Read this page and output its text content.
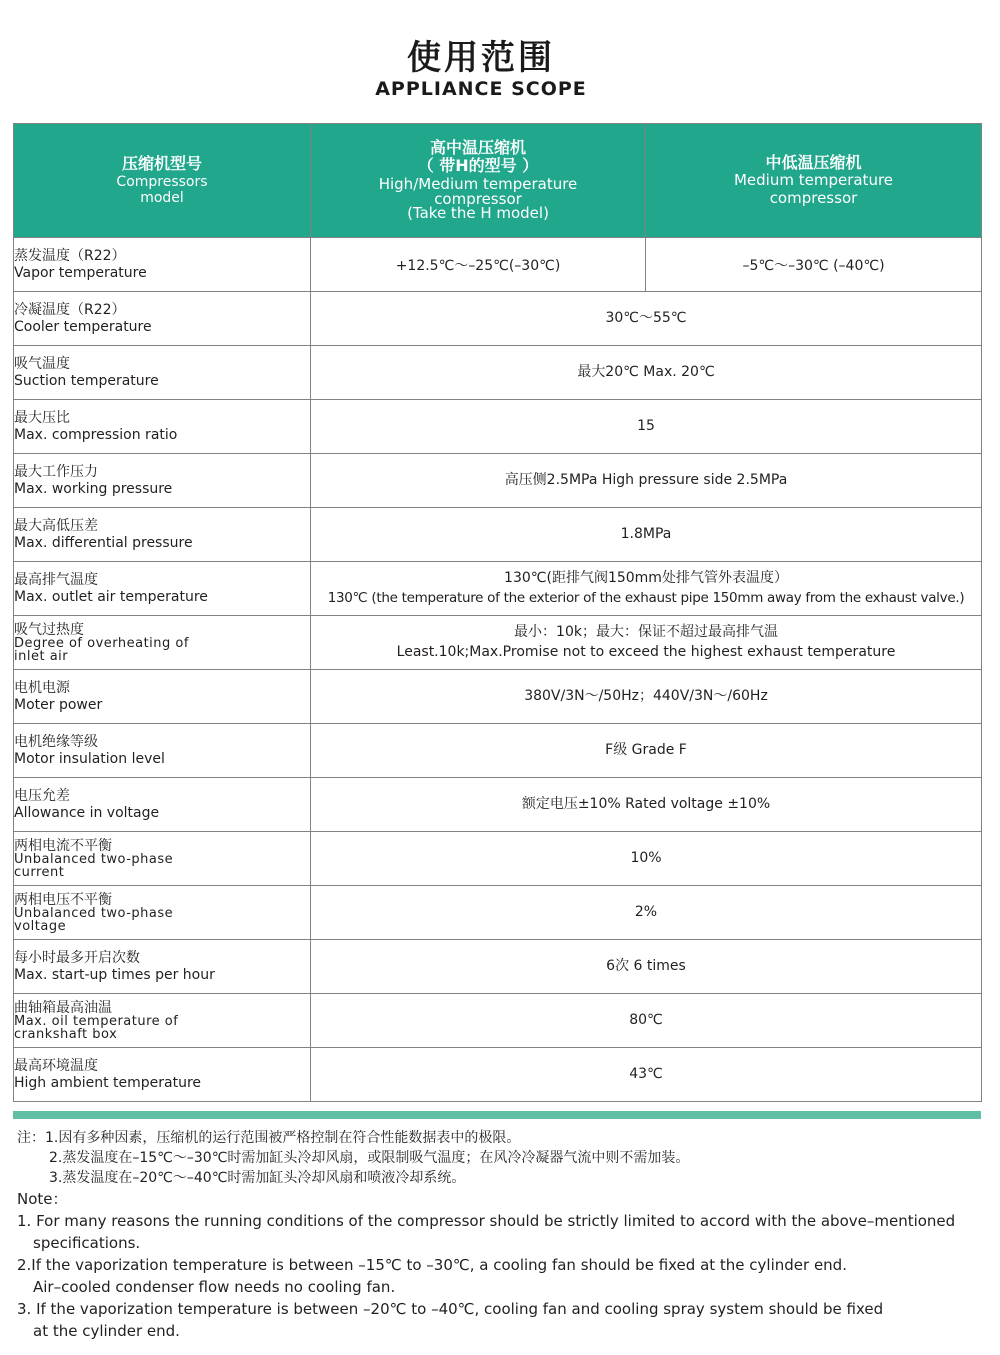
使用范围
APPLIANCE SCOPE
压缩机型号
Compressors
model	高中温压缩机
（ 带H的型号 ）
High/Medium temperature
compressor
(Take the H model)	中低温压缩机
Medium temperature
compressor

蒸发温度（R22）
Vapor temperature	+12.5℃～–25℃(–30℃)	–5℃～–30℃ (–40℃)

冷凝温度（R22）
Cooler temperature	30℃～55℃	

吸气温度
Suction temperature	最大20℃ Max. 20℃	

最大压比
Max. compression ratio	15	

最大工作压力
Max. working pressure	高压侧2.5MPa High pressure side 2.5MPa	

最大高低压差
Max. differential pressure	1.8MPa	

最高排气温度
Max. outlet air temperature	130℃(距排气阀150mm处排气管外表温度）
130℃ (the temperature of the exterior of the exhaust pipe 150mm away from the exhaust valve.)	

吸气过热度
Degree of overheating of
inlet air	最小：10k；最大：保证不超过最高排气温
Least.10k;Max.Promise not to exceed the highest exhaust temperature	

电机电源
Moter power	380V/3N～/50Hz；440V/3N～/60Hz	

电机绝缘等级
Motor insulation level	F级 Grade F	

电压允差
Allowance in voltage	额定电压±10% Rated voltage ±10%	

两相电流不平衡
Unbalanced two-phase
current	10%	

两相电压不平衡
Unbalanced two-phase
voltage	2%	

每小时最多开启次数
Max. start-up times per hour	6次 6 times	

曲轴箱最高油温
Max. oil temperature of
crankshaft box	80℃	

最高环境温度
High ambient temperature	43℃	
注：1.因有多种因素，压缩机的运行范围被严格控制在符合性能数据表中的极限。
2.蒸发温度在–15℃～–30℃时需加缸头冷却风扇，或限制吸气温度；在风冷冷凝器气流中则不需加装。
3.蒸发温度在–20℃～–40℃时需加缸头冷却风扇和喷液冷却系统。
Note：
1. For many reasons the running conditions of the compressor should be strictly limited to accord with the above–mentioned
specifications.
2.If the vaporization temperature is between –15℃ to –30℃, a cooling fan should be fixed at the cylinder end.
Air–cooled condenser flow needs no cooling fan.
3. If the vaporization temperature is between –20℃ to –40℃, cooling fan and cooling spray system should be fixed
at the cylinder end.
